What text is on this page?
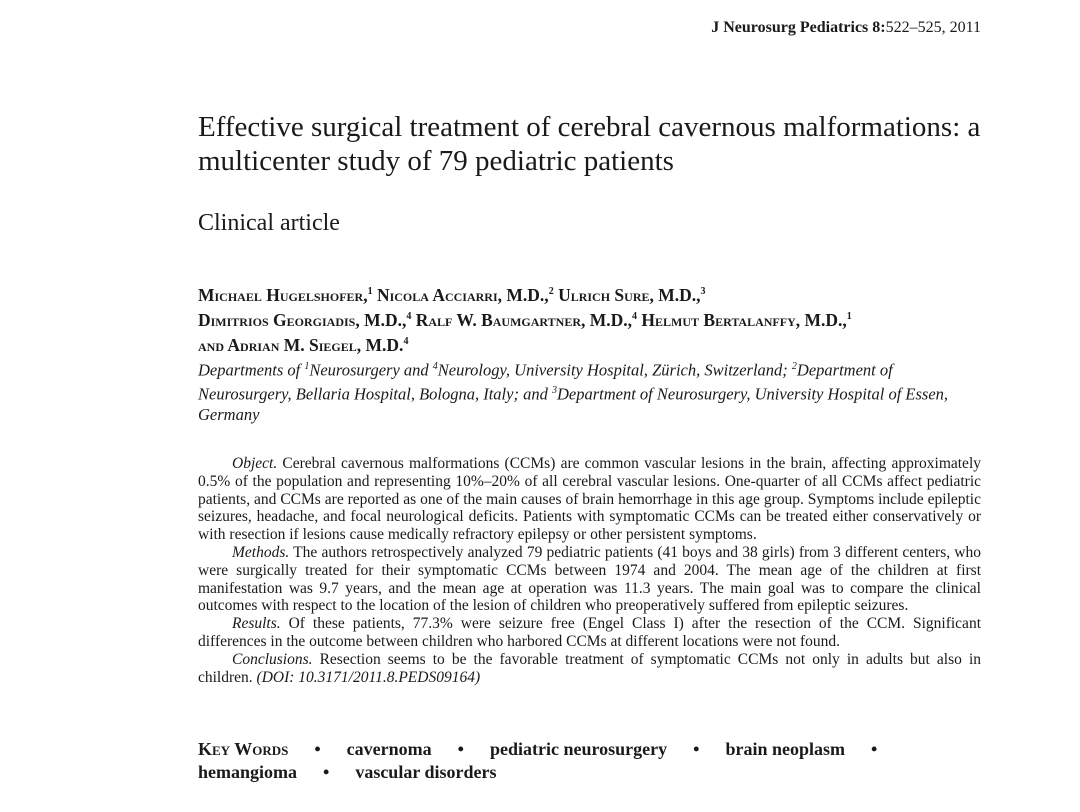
J Neurosurg Pediatrics 8:522–525, 2011
Effective surgical treatment of cerebral cavernous malformations: a multicenter study of 79 pediatric patients
Clinical article
Michael Hugelshofer,$^1$ Nicola Acciarri, M.D.,$^2$ Ulrich Sure, M.D.,$^3$
Dimitrios Georgiadis, M.D.,$^4$ Ralf W. Baumgartner, M.D.,$^4$ Helmut Bertalanffy, M.D.,$^1$
and Adrian M. Siegel, M.D.$^4$
Departments of $^1$Neurosurgery and $^4$Neurology, University Hospital, Zürich, Switzerland; $^2$Department of Neurosurgery, Bellaria Hospital, Bologna, Italy; and $^3$Department of Neurosurgery, University Hospital of Essen, Germany

Object. Cerebral cavernous malformations (CCMs) are common vascular lesions in the brain, affecting approximately 0.5% of the population and representing 10%–20% of all cerebral vascular lesions. One-quarter of all CCMs affect pediatric patients, and CCMs are reported as one of the main causes of brain hemorrhage in this age group. Symptoms include epileptic seizures, headache, and focal neurological deficits. Patients with symptomatic CCMs can be treated either conservatively or with resection if lesions cause medically refractory epilepsy or other persistent symptoms.

Methods. The authors retrospectively analyzed 79 pediatric patients (41 boys and 38 girls) from 3 different centers, who were surgically treated for their symptomatic CCMs between 1974 and 2004. The mean age of the children at first manifestation was 9.7 years, and the mean age at operation was 11.3 years. The main goal was to compare the clinical outcomes with respect to the location of the lesion of children who preoperatively suffered from epileptic seizures.

Results. Of these patients, 77.3% were seizure free (Engel Class I) after the resection of the CCM. Significant differences in the outcome between children who harbored CCMs at different locations were not found.

Conclusions. Resection seems to be the favorable treatment of symptomatic CCMs not only in adults but also in children. (DOI: 10.3171/2011.8.PEDS09164)

Key Words • cavernoma • pediatric neurosurgery • brain neoplasm •
hemangioma • vascular disorders
